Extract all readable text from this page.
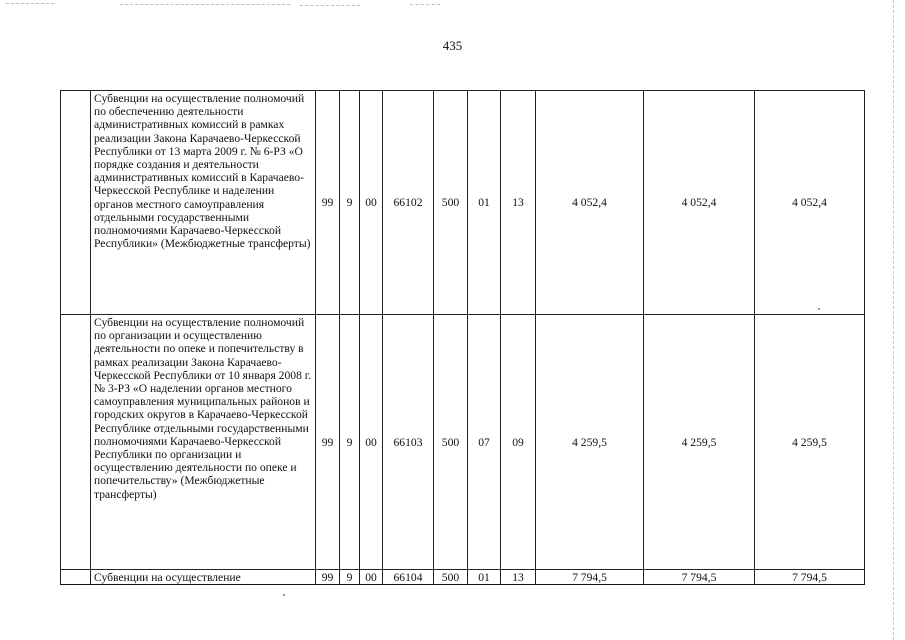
435
	Субвенции на осуществление полномочий по обеспечению деятельности административных комиссий в рамках реализации Закона Карачаево-Черкесской Республики от 13 марта 2009 г. № 6-РЗ «О порядке создания и деятельности административных комиссий в Карачаево-Черкесской Республике и наделении органов местного самоуправления отдельными государственными полномочиями Карачаево-Черкесской Республики» (Межбюджетные трансферты)	99	9	00	66102	500	01	13	4 052,4	4 052,4	4 052,4
	Субвенции на осуществление полномочий по организации и осуществлению деятельности по опеке и попечительству в рамках реализации Закона Карачаево-Черкесской Республики от 10 января 2008 г. № 3-РЗ «О наделении органов местного самоуправления муниципальных районов и городских округов в Карачаево-Черкесской Республике отдельными государственными полномочиями Карачаево-Черкесской Республики по организации и осуществлению деятельности по опеке и попечительству» (Межбюджетные трансферты)	99	9	00	66103	500	07	09	4 259,5	4 259,5	4 259,5
	Субвенции на осуществление	99	9	00	66104	500	01	13	7 794,5	7 794,5	7 794,5
